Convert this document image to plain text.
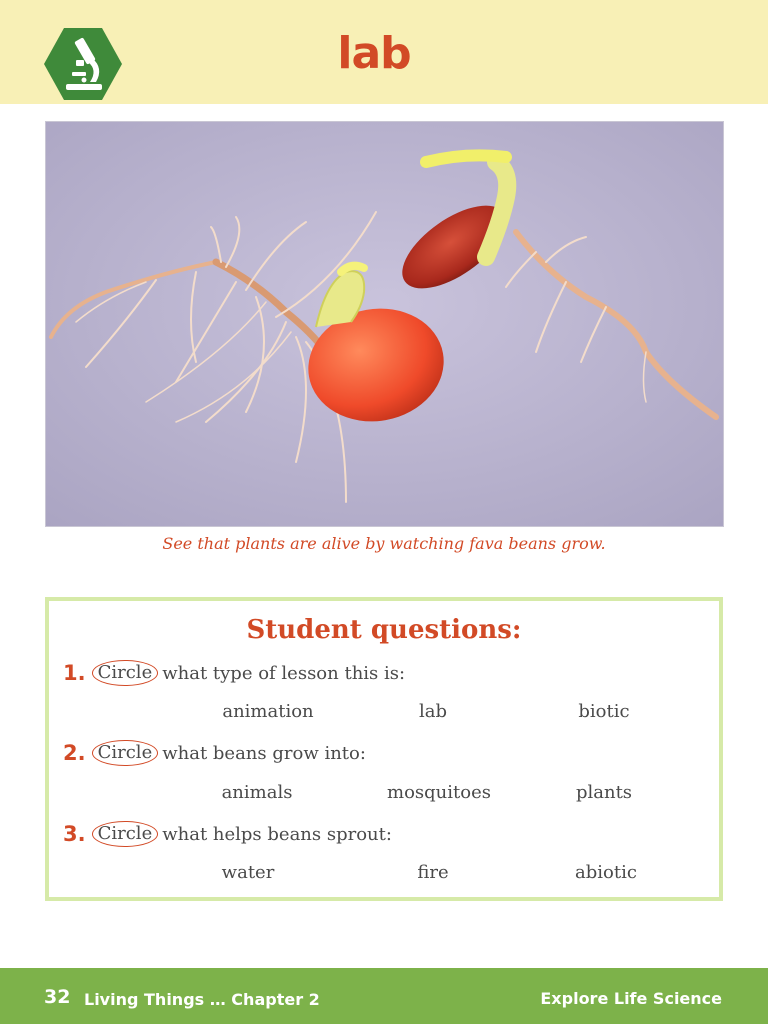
lab
See that plants are alive by watching fava beans grow.
Student questions:
1. Circle what type of lesson this is:
animation	lab	biotic
2. Circle what beans grow into:
animals	mosquitoes	plants
3. Circle what helps beans sprout:
water	fire	abiotic
32 Living Things … Chapter 2	Explore Life Science
